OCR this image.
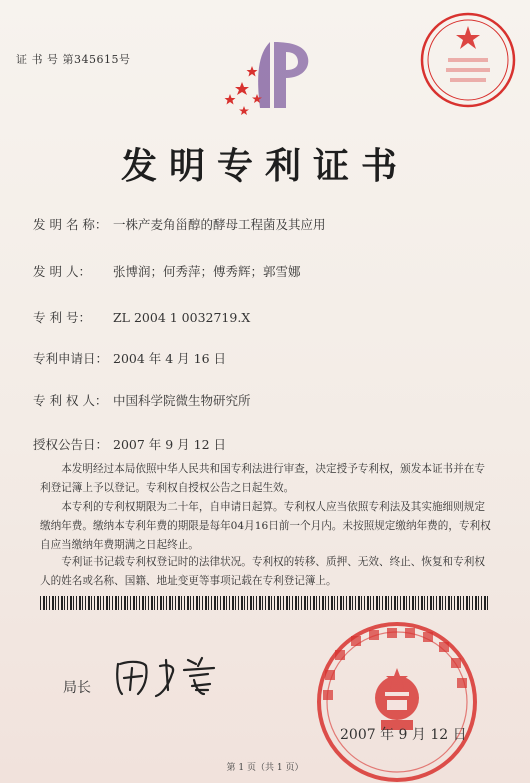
证 书 号 第345615号
发明专利证书
发 明 名 称： 一株产麦角甾醇的酵母工程菌及其应用
发 明 人： 张博润；何秀萍；傅秀辉；郭雪娜
专 利 号： ZL 2004 1 0032719.X
专利申请日： 2004 年 4 月 16 日
专 利 权 人： 中国科学院微生物研究所
授权公告日： 2007 年 9 月 12 日
本发明经过本局依照中华人民共和国专利法进行审查，决定授予专利权，颁发本证书并在专利登记簿上予以登记。专利权自授权公告之日起生效。
本专利的专利权期限为二十年，自申请日起算。专利权人应当依照专利法及其实施细则规定缴纳年费。缴纳本专利年费的期限是每年04月16日前一个月内。未按照规定缴纳年费的，专利权自应当缴纳年费期满之日起终止。
专利证书记载专利权登记时的法律状况。专利权的转移、质押、无效、终止、恢复和专利权人的姓名或名称、国籍、地址变更等事项记载在专利登记簿上。
局长
2007 年 9 月 12 日
第 1 页（共 1 页）
